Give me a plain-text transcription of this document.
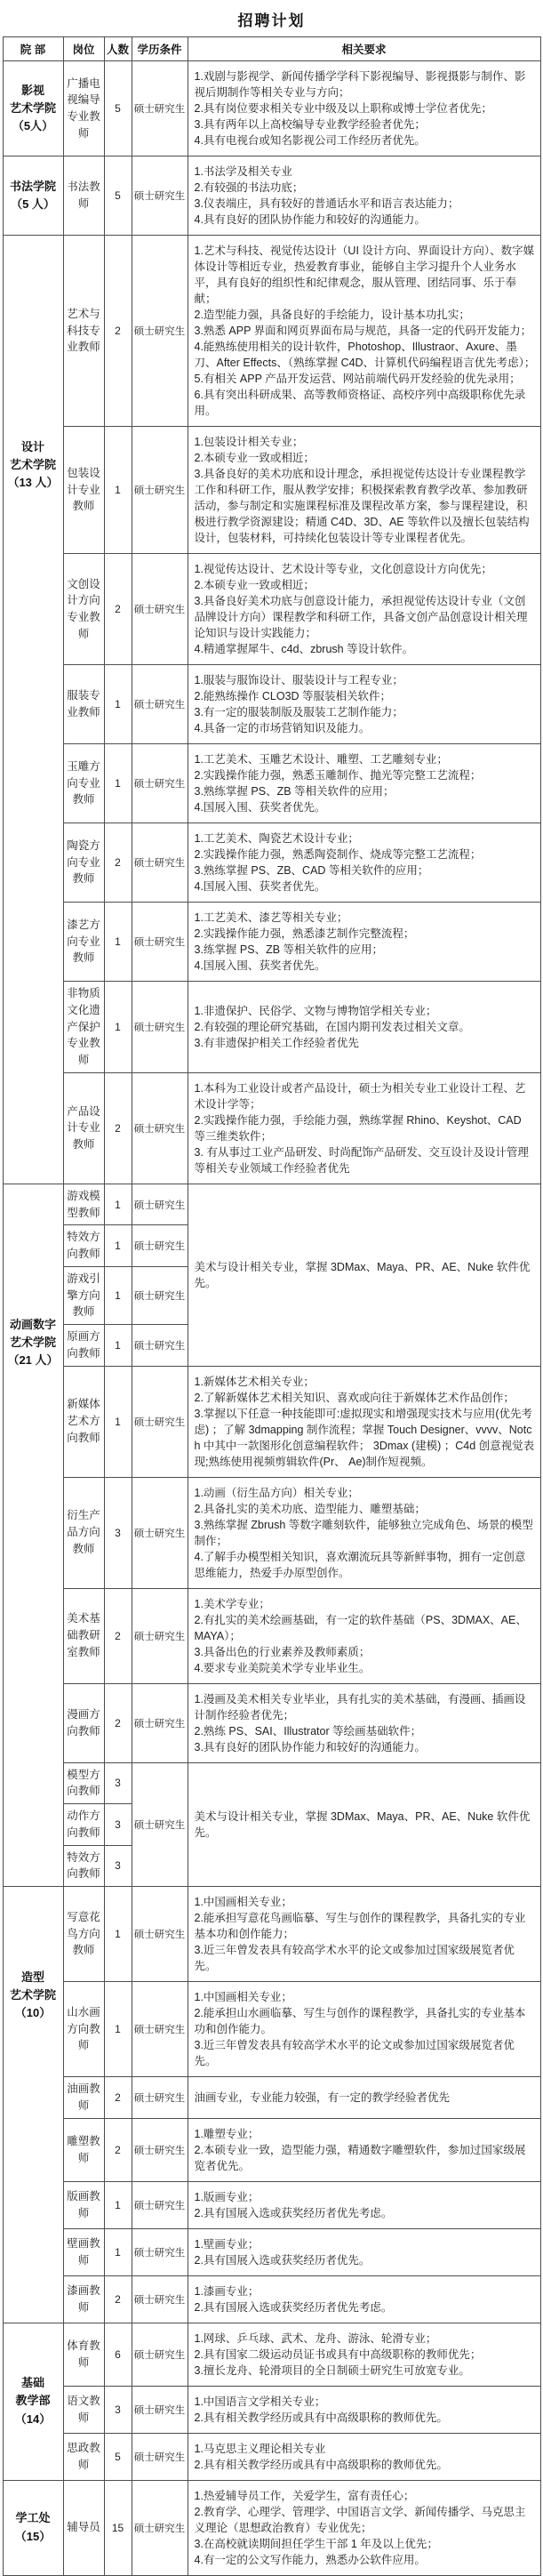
招聘计划
院 部	岗位	人数	学历条件	相关要求

影视
艺术学院
（5人）
	广播电视编导专业教师	5	硕士研究生	
1.戏剧与影视学、新闻传播学学科下影视编导、影视摄影与制作、影视后期制作等相关专业与方向；
2.具有岗位要求相关专业中级及以上职称或博士学位者优先；
3.具有两年以上高校编导专业教学经验者优先；
4.具有电视台或知名影视公司工作经历者优先。

书法学院
（5 人）
	书法教师	5	硕士研究生	
1.书法学及相关专业
2.有较强的书法功底；
3.仪表端庄，具有较好的普通话水平和语言表达能力；
4.具有良好的团队协作能力和较好的沟通能力。

设计
艺术学院
（13 人）
	艺术与科技专业教师	2	硕士研究生	
1.艺术与科技、视觉传达设计（UI 设计方向、界面设计方向）、数字媒体设计等相近专业，热爱教育事业，能够自主学习提升个人业务水平，具有良好的组织性和纪律观念，服从管理、团结同事、乐于奉献；
2.造型能力强，具备良好的手绘能力，设计基本功扎实；
3.熟悉 APP 界面和网页界面布局与规范，具备一定的代码开发能力；
4.能熟练使用相关的设计软件，Photoshop、Illustraor、Axure、墨刀、After Effects、（熟练掌握 C4D、计算机代码编程语言优先考虑）；
5.有相关 APP 产品开发运营、网站前端代码开发经验的优先录用；
6.具有突出科研成果、高等教师资格证、高校序列中高级职称优先录用。

	包装设计专业教师	1	硕士研究生	1.包装设计相关专业；
2.本硕专业一致或相近；
3.具备良好的美术功底和设计理念，承担视觉传达设计专业课程教学工作和科研工作，服从教学安排；积极探索教育教学改革、参加教研活动，参与制定和实施课程标准及课程改革方案，参与课程建设，积极进行教学资源建设；精通 C4D、3D、AE 等软件以及擅长包装结构设计，包装材料，可持续化包装设计等专业课程者优先。

	文创设计方向专业教师	2	硕士研究生	1.视觉传达设计、艺术设计等专业，文化创意设计方向优先；
2.本硕专业一致或相近；
3.具备良好美术功底与创意设计能力，承担视觉传达设计专业（文创品牌设计方向）课程教学和科研工作，具备文创产品创意设计相关理论知识与设计实践能力；
4.精通掌握犀牛、c4d、zbrush 等设计软件。

	服装专业教师	1	硕士研究生	1.服装与服饰设计、服装设计与工程专业；
2.能熟练操作 CLO3D 等服装相关软件；
3.有一定的服装制版及服装工艺制作能力；
4.具备一定的市场营销知识及能力。

	玉雕方向专业教师	1	硕士研究生	1.工艺美术、玉雕艺术设计、雕塑、工艺雕刻专业；
2.实践操作能力强，熟悉玉雕制作、抛光等完整工艺流程；
3.熟练掌握 PS、ZB 等相关软件的应用；
4.国展入围、获奖者优先。

	陶瓷方向专业教师	2	硕士研究生	1.工艺美术、陶瓷艺术设计专业；
2.实践操作能力强，熟悉陶瓷制作、烧成等完整工艺流程；
3.熟练掌握 PS、ZB、CAD 等相关软件的应用；
4.国展入围、获奖者优先。

	漆艺方向专业教师	1	硕士研究生	1.工艺美术、漆艺等相关专业；
2.实践操作能力强，熟悉漆艺制作完整流程；
3.练掌握 PS、ZB 等相关软件的应用；
4.国展入围、获奖者优先。

	非物质文化遗产保护专业教师	1	硕士研究生	1.非遗保护、民俗学、文物与博物馆学相关专业；
2.有较强的理论研究基础，在国内期刊发表过相关文章。
3.有非遗保护相关工作经验者优先

	产品设计专业教师	2	硕士研究生	1.本科为工业设计或者产品设计，硕士为相关专业工业设计工程、艺术设计学等；
2.实践操作能力强，手绘能力强，熟练掌握 Rhino、Keyshot、CAD 等三维类软件；
3. 有从事过工业产品研发、时尚配饰产品研发、交互设计及设计管理等相关专业领域工作经验者优先

动画数字
艺术学院
（21 人）	游戏模型教师	1	硕士研究生	美术与设计相关专业，掌握 3DMax、Maya、PR、AE、Nuke 软件优先。

	特效方向教师	1	硕士研究生	
	游戏引擎方向教师	1	硕士研究生	
	原画方向教师	1	硕士研究生	
	新媒体艺术方向教师	1	硕士研究生	1.新媒体艺术相关专业；
2.了解新媒体艺术相关知识、喜欢或向往于新媒体艺术作品创作；
3.掌握以下任意一种技能即可:虚拟现实和增强现实技术与应用(优先考虑) ；了解 3dmapping 制作流程；掌握 Touch Designer、vvvv、Notch 中其中一款图形化创意编程软件； 3Dmax (建模) ；C4d 创意视觉表现;熟练使用视频剪辑软件(Pr、 Ae)制作短视频。

	衍生产品方向教师	3	硕士研究生	1.动画（衍生品方向）相关专业；
2.具备扎实的美术功底、造型能力、雕塑基础；
3.熟练掌握 Zbrush 等数字雕刻软件，能够独立完成角色、场景的模型制作；
4.了解手办模型相关知识，喜欢潮流玩具等新鲜事物，拥有一定创意思维能力，热爱手办原型创作。

	美术基础教研室教师	2	硕士研究生	1.美术学专业；
2.有扎实的美术绘画基础，有一定的软件基础（PS、3DMAX、AE、MAYA）；
3.具备出色的行业素养及教师素质；
4.要求专业美院美术学专业毕业生。

	漫画方向教师	2	硕士研究生	1.漫画及美术相关专业毕业，具有扎实的美术基础，有漫画、插画设计制作经验者优先；
2.熟练 PS、SAI、Illustrator 等绘画基础软件；
3.具有良好的团队协作能力和较好的沟通能力。

	模型方向教师	3	硕士研究生	美术与设计相关专业，掌握 3DMax、Maya、PR、AE、Nuke 软件优先。

	动作方向教师	3		
	特效方向教师	3		

造型
艺术学院
（10）
	写意花鸟方向教师	1	硕士研究生	
1.中国画相关专业；
2.能承担写意花鸟画临摹、写生与创作的课程教学，具备扎实的专业基本功和创作能力；
3.近三年曾发表具有较高学术水平的论文或参加过国家级展览者优先。

	山水画方向教师	1	硕士研究生	1.中国画相关专业；
2.能承担山水画临摹、写生与创作的课程教学，具备扎实的专业基本功和创作能力。
3.近三年曾发表具有较高学术水平的论文或参加过国家级展览者优先。

	油画教师	2	硕士研究生	油画专业，专业能力较强，有一定的教学经验者优先

	雕塑教师	2	硕士研究生	1.雕塑专业；
2.本硕专业一致，造型能力强，精通数字雕塑软件，参加过国家级展览者优先。

	版画教师	1	硕士研究生	1.版画专业；
2.具有国展入选或获奖经历者优先考虑。

	壁画教师	1	硕士研究生	1.壁画专业；
2.具有国展入选或获奖经历者优先。

	漆画教师	2	硕士研究生	1.漆画专业；
2.具有国展入选或获奖经历者优先考虑。

基础
教学部
（14）
	体育教师	6	硕士研究生	
1.网球、乒乓球、武术、龙舟、游泳、轮滑专业；
2.具有国家二级运动员证书或具有中高级职称的教师优先；
3.擅长龙舟、轮滑项目的全日制硕士研究生可放宽专业。

	语文教师	3	硕士研究生	1.中国语言文学相关专业；
2.具有相关教学经历或具有中高级职称的教师优先。

	思政教师	5	硕士研究生	1.马克思主义理论相关专业
2.具有相关教学经历或具有中高级职称的教师优先。

学工处
（15）
	辅导员	15	硕士研究生	
1.热爱辅导员工作，关爱学生，富有责任心；
2.教育学、心理学、管理学、中国语言文学、新闻传播学、马克思主义理论（思想政治教育）专业优先；
3.在高校就读期间担任学生干部 1 年及以上优先；
4.有一定的公文写作能力，熟悉办公软件应用。
